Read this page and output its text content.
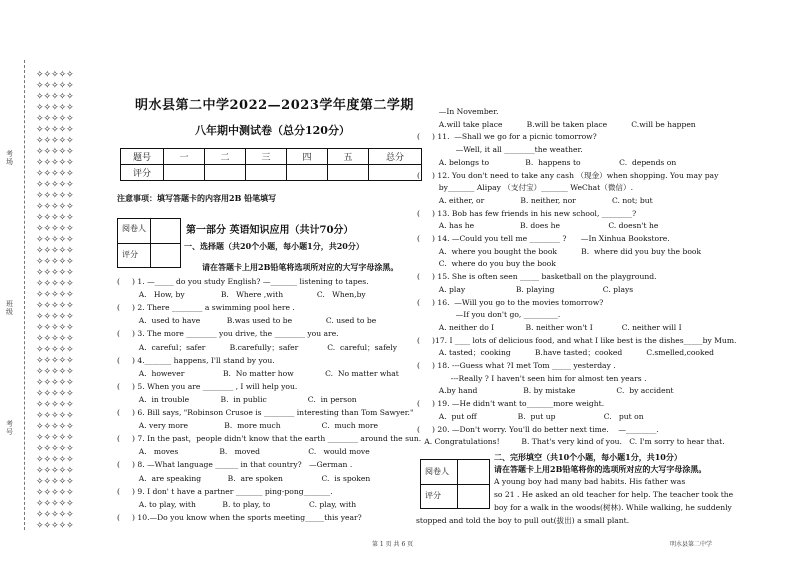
考场
班级
考号
✧✧✧✧✧
✧✧✧✧✧
✧✧✧✧✧
✧✧✧✧✧
✧✧✧✧✧
✧✧✧✧✧
✧✧✧✧✧
✧✧✧✧✧
✧✧✧✧✧
✧✧✧✧✧
✧✧✧✧✧
✧✧✧✧✧
✧✧✧✧✧
✧✧✧✧✧
✧✧✧✧✧
✧✧✧✧✧
✧✧✧✧✧
✧✧✧✧✧
✧✧✧✧✧
✧✧✧✧✧
✧✧✧✧✧
✧✧✧✧✧
✧✧✧✧✧
✧✧✧✧✧
✧✧✧✧✧
✧✧✧✧✧
✧✧✧✧✧
✧✧✧✧✧
✧✧✧✧✧
✧✧✧✧✧
✧✧✧✧✧
✧✧✧✧✧
✧✧✧✧✧
✧✧✧✧✧
✧✧✧✧✧
✧✧✧✧✧
✧✧✧✧✧
✧✧✧✧✧
✧✧✧✧✧
✧✧✧✧✧
✧✧✧✧✧
✧✧✧✧✧
明水县第二中学2022—2023学年度第二学期
八年期中测试卷（总分120分）
题号	一	二	三	四	五	总分
评分						
注意事项：填写答题卡的内容用2B 铅笔填写
阅卷人
评分
第一部分 英语知识应用（共计70分）
一、选择题（共20个小题，每小题1分，共20分）
请在答题卡上用2B铅笔将选项所对应的大写字母涂黑。
(     ) 1. —_____ do you study English? —_______ listening to tapes.
A.   How, by               B.   Where ,with              C.   When,by
(     ) 2. There ________ a swimming pool here .
A.  used to have           B.was used to be              C. used to be
(     ) 3. The more ________ you drive, the ________ you are.
A.  careful；safer          B.carefully；safer            C.  careful；safely
(     ) 4._______ happens, I'll stand by you.
A.  however                B.  No matter how             C.  No matter what
(     ) 5. When you are ________ , I will help you.
A.  in trouble             B.  in public                 C.  in person
(     ) 6. Bill says, "Robinson Crusoe is ________ interesting than Tom Sawyer."
A. very more               B.  more much                 C.  much more
(     ) 7. In the past，people didn't know that the earth ________ around the sun.
A.   moves                 B.   moved                    C.   would move
(     ) 8. —What language ______ in that country?   —German .
A.  are speaking           B.  are spoken                C.  is spoken
(     ) 9. I don' t have a partner _______ ping-pong_______.
A. to play, with           B. to play, to                C. play, with
(     ) 10.—Do you know when the sports meeting_____this year?
—In November.
A.will take place          B.will be taken place          C.will be happen
(     ) 11.  —Shall we go for a picnic tomorrow?
—Well, it all ________the weather.
A. belongs to               B.  happens to                C.  depends on
(     ) 12. You don't need to take any cash （现金）when shopping. You may pay
by_______ Alipay （支付宝）_______ WeChat（微信）.
A. either, or               B. neither, nor               C. not; but
(     ) 13. Bob has few friends in his new school, ________?
A. has he                   B. does he                    C. doesn't he
(     ) 14. —Could you tell me ________ ?      —In Xinhua Bookstore.
A.  where you bought the book          B.  where did you buy the book
C.  where do you buy the book
(     ) 15. She is often seen _____ basketball on the playground.
A. play                     B. playing                    C. plays
(     ) 16.  —Will you go to the movies tomorrow?
—If you don't go, _________.
A. neither do I             B. neither won't I            C. neither will I
(     )17. I ____ lots of delicious food, and what I like best is the dishes_____by Mum.
A. tasted；cooking          B.have tasted；cooked          C.smelled,cooked
(     ) 18. ---Guess what ?I met Tom _____ yesterday .
---Really ? I haven't seen him for almost ten years .
A.by hand                   B. by mistake                 C.  by accident
(     ) 19. —He didn't want to_______more weight.
A.  put off                 B.  put up                    C.   put on
(     ) 20. —Don't worry. You'll do better next time.    —________.
A. Congratulations!         B. That's very kind of you.   C. I'm sorry to hear that.
阅卷人
评分
二、完形填空（共10个小题，每小题1分，共10分）
请在答题卡上用2B铅笔将你的选项所对应的大写字母涂黑。
A young boy had many bad habits. His father was
so 21 . He asked an old teacher for help. The teacher took the
boy for a walk in the woods(树林). While walking, he suddenly
stopped and told the boy to pull out(拔出) a small plant.
第 1 页 共 6 页	明水县第二中学
